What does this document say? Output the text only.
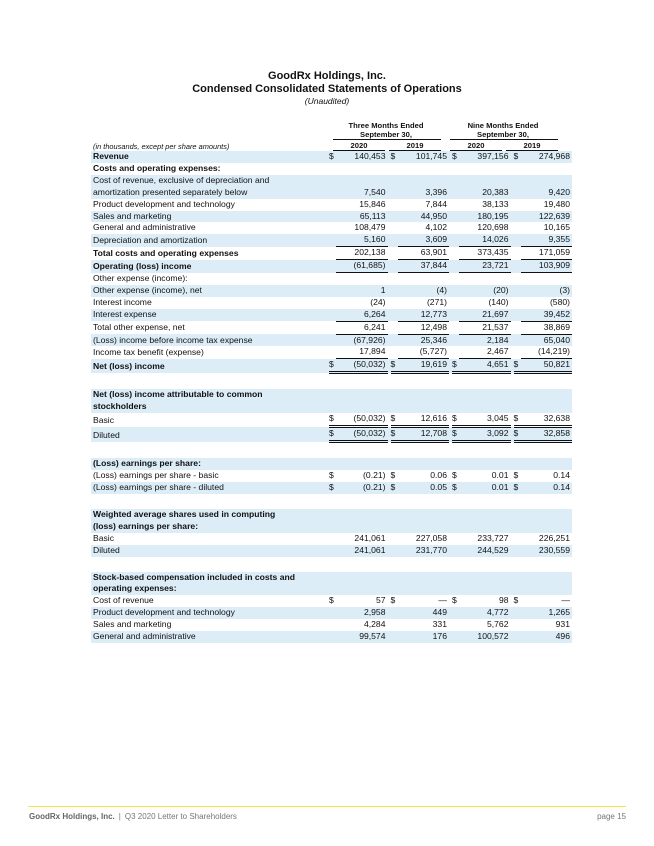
GoodRx Holdings, Inc.
Condensed Consolidated Statements of Operations
(Unaudited)
Three Months Ended
September 30,
Nine Months Ended
September 30,
(in thousands, except per share amounts)	2020	2019	2020	2019
Revenue	$	140,453		$	101,745		$	397,156		$	274,968
Costs and operating expenses:											
Cost of revenue, exclusive of depreciation and											
amortization presented separately below		7,540			3,396			20,383			9,420
Product development and technology		15,846			7,844			38,133			19,480
Sales and marketing		65,113			44,950			180,195			122,639
General and administrative		108,479			4,102			120,698			10,165
Depreciation and amortization		5,160			3,609			14,026			9,355
Total costs and operating expenses		202,138			63,901			373,435			171,059
Operating (loss) income		(61,685)			37,844			23,721			103,909
Other expense (income):											
Other expense (income), net		1			(4)			(20)			(3)
Interest income		(24)			(271)			(140)			(580)
Interest expense		6,264			12,773			21,697			39,452
Total other expense, net		6,241			12,498			21,537			38,869
(Loss) income before income tax expense		(67,926)			25,346			2,184			65,040
Income tax benefit (expense)		17,894			(5,727)			2,467			(14,219)
Net (loss) income	$	(50,032)		$	19,619		$	4,651		$	50,821

Net (loss) income attributable to common											
stockholders											
Basic	$	(50,032)		$	12,616		$	3,045		$	32,638
Diluted	$	(50,032)		$	12,708		$	3,092		$	32,858

(Loss) earnings per share:											
(Loss) earnings per share - basic	$	(0.21)		$	0.06		$	0.01		$	0.14
(Loss) earnings per share - diluted	$	(0.21)		$	0.05		$	0.01		$	0.14

Weighted average shares used in computing											
(loss) earnings per share:											
Basic		241,061			227,058			233,727			226,251
Diluted		241,061			231,770			244,529			230,559

Stock-based compensation included in costs and											
operating expenses:											
Cost of revenue	$	57		$	—		$	98		$	—
Product development and technology		2,958			449			4,772			1,265
Sales and marketing		4,284			331			5,762			931
General and administrative		99,574			176			100,572			496
GoodRx Holdings, Inc. | Q3 2020 Letter to Shareholders	page 15
